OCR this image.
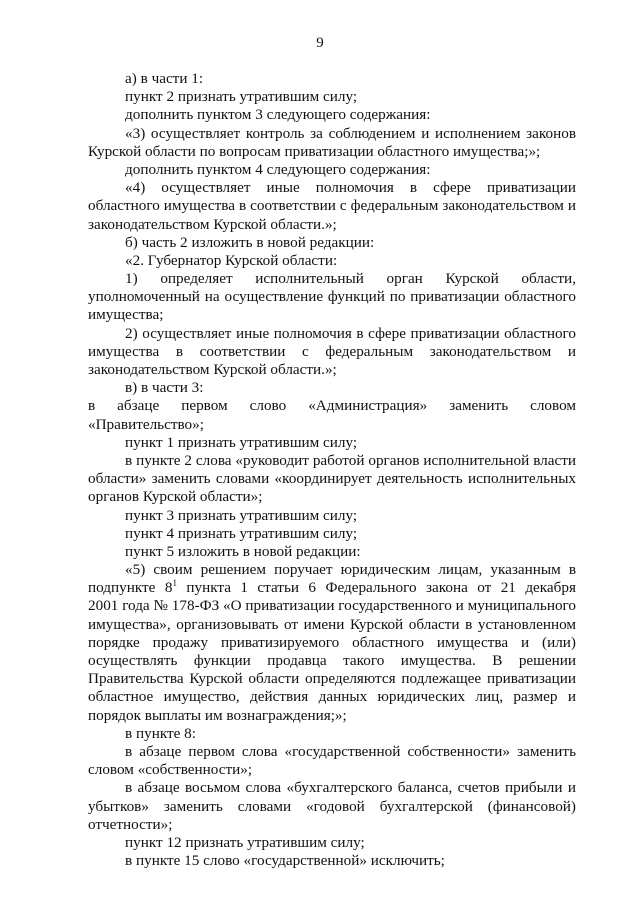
9
а) в части 1:
пункт 2 признать утратившим силу;
дополнить пунктом 3 следующего содержания:
«3) осуществляет контроль за соблюдением и исполнением законов
Курской области по вопросам приватизации областного имущества;»;
дополнить пунктом 4 следующего содержания:
«4) осуществляет иные полномочия в сфере приватизации
областного имущества в соответствии с федеральным законодательством и
законодательством Курской области.»;
б) часть 2 изложить в новой редакции:
«2. Губернатор Курской области:
1) определяет исполнительный орган Курской области,
уполномоченный на осуществление функций по приватизации областного
имущества;
2) осуществляет иные полномочия в сфере приватизации областного
имущества в соответствии с федеральным законодательством и
законодательством Курской области.»;
в) в части 3:
в абзаце первом слово «Администрация» заменить словом
«Правительство»;
пункт 1 признать утратившим силу;
в пункте 2 слова «руководит работой органов исполнительной власти
области» заменить словами «координирует деятельность исполнительных
органов Курской области»;
пункт 3 признать утратившим силу;
пункт 4 признать утратившим силу;
пункт 5 изложить в новой редакции:
«5) своим решением поручает юридическим лицам, указанным в
подпункте $8^1$ пункта 1 статьи 6 Федерального закона от 21 декабря
2001 года № 178-ФЗ «О приватизации государственного и муниципального
имущества», организовывать от имени Курской области в установленном
порядке продажу приватизируемого областного имущества и (или)
осуществлять функции продавца такого имущества. В решении
Правительства Курской области определяются подлежащее приватизации
областное имущество, действия данных юридических лиц, размер и
порядок выплаты им вознаграждения;»;
в пункте 8:
в абзаце первом слова «государственной собственности» заменить
словом «собственности»;
в абзаце восьмом слова «бухгалтерского баланса, счетов прибыли и
убытков» заменить словами «годовой бухгалтерской (финансовой)
отчетности»;
пункт 12 признать утратившим силу;
в пункте 15 слово «государственной» исключить;
